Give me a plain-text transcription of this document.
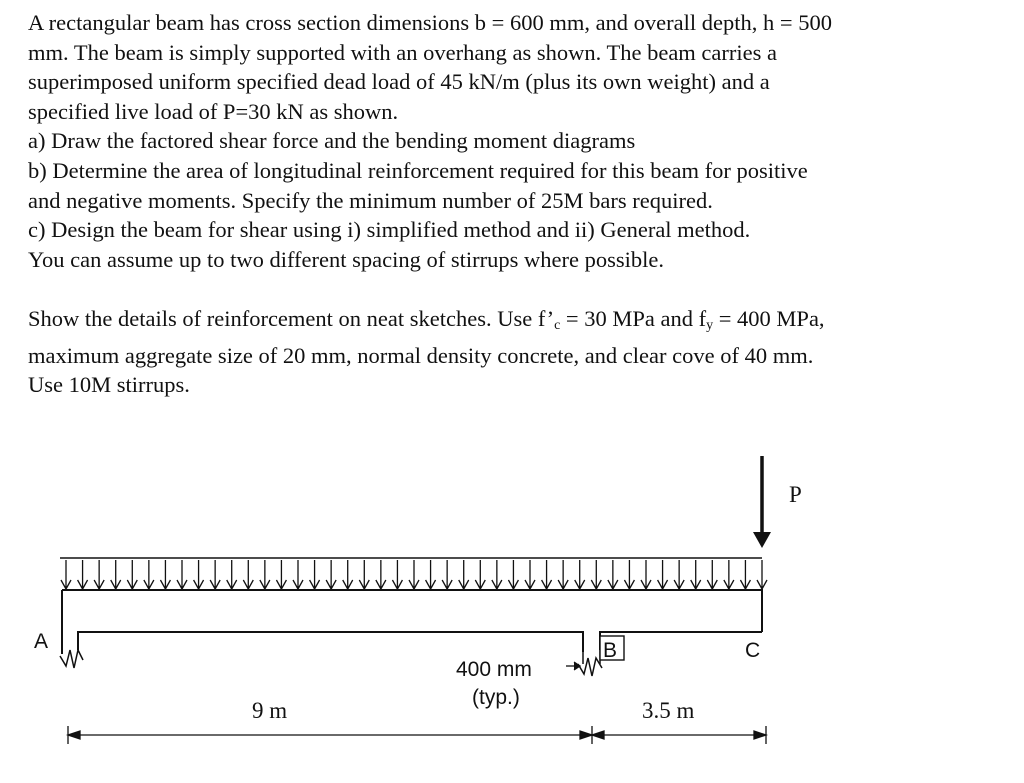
A rectangular beam has cross section dimensions b = 600 mm, and overall depth, h = 500

mm. The beam is simply supported with an overhang as shown. The beam carries a

superimposed uniform specified dead load of 45 kN/m (plus its own weight) and a

specified live load of P=30 kN as shown.

a) Draw the factored shear force and the bending moment diagrams

b) Determine the area of longitudinal reinforcement required for this beam for positive

and negative moments. Specify the minimum number of 25M bars required.

c) Design the beam for shear using i) simplified method and ii) General method.

You can assume up to two different spacing of stirrups where possible.

Show the details of reinforcement on neat sketches. Use $f’_c = 30$ MPa and $f_y = 400$ MPa,

maximum aggregate size of 20 mm, normal density concrete, and clear cove of 40 mm.

Use 10M stirrups.

P
A	B	C
400 mm
(typ.)
9 m	3.5 m
